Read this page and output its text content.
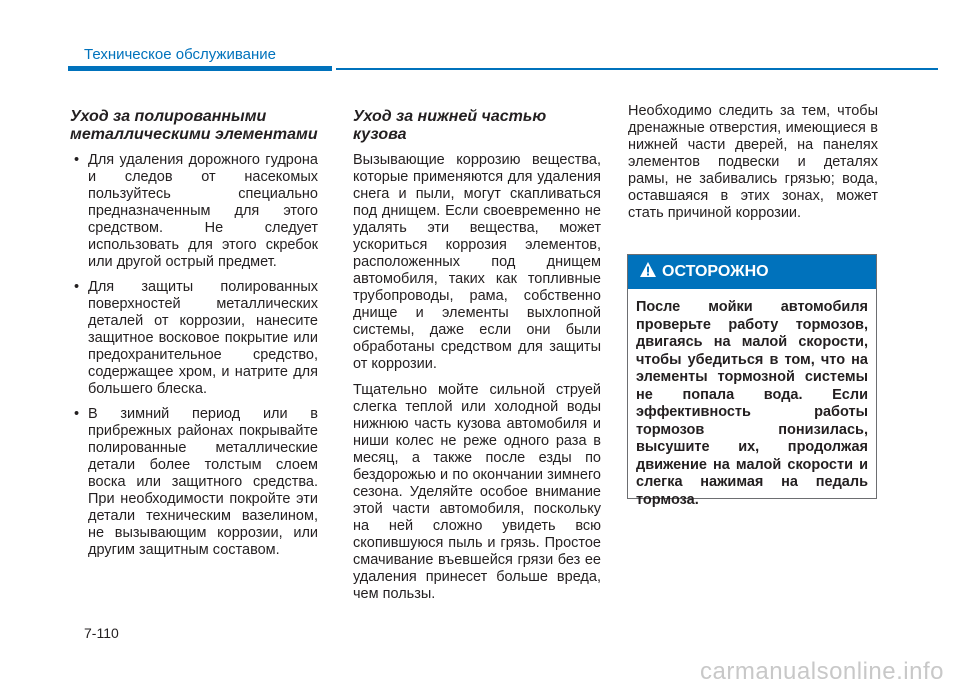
Техническое обслуживание
Уход за полированными металлическими элементами
• Для удаления дорожного гудрона и следов от насекомых пользуйтесь специально предназначенным для этого средством. Не следует использовать для этого скребок или другой острый предмет.
• Для защиты полированных поверхностей металлических деталей от коррозии, нанесите защитное восковое покрытие или предохранительное средство, содержащее хром, и натрите для большего блеска.
• В зимний период или в прибрежных районах покрывайте полированные металлические детали более толстым слоем воска или защитного средства. При необходимости покройте эти детали техническим вазелином, не вызывающим коррозии, или другим защитным составом.
Уход за нижней частью кузова

Вызывающие коррозию вещества, которые применяются для удаления снега и пыли, могут скапливаться под днищем. Если своевременно не удалять эти вещества, может ускориться коррозия элементов, расположенных под днищем автомобиля, таких как топливные трубопроводы, рама, собственно днище и элементы выхлопной системы, даже если они были обработаны средством для защиты от коррозии.

Тщательно мойте сильной струей слегка теплой или холодной воды нижнюю часть кузова автомобиля и ниши колес не реже одного раза в месяц, а также после езды по бездорожью и по окончании зимнего сезона. Уделяйте особое внимание этой части автомобиля, поскольку на ней сложно увидеть всю скопившуюся пыль и грязь. Простое смачивание въевшейся грязи без ее удаления принесет больше вреда, чем пользы.

Необходимо следить за тем, чтобы дренажные отверстия, имеющиеся в нижней части дверей, на панелях элементов подвески и деталях рамы, не забивались грязью; вода, оставшаяся в этих зонах, может стать причиной коррозии.

ОСТОРОЖНО
После мойки автомобиля проверьте работу тормозов, двигаясь на малой скорости, чтобы убедиться в том, что на элементы тормозной системы не попала вода. Если эффективность работы тормозов понизилась, высушите их, продолжая движение на малой скорости и слегка нажимая на педаль тормоза.
7-110
carmanualsonline.info
